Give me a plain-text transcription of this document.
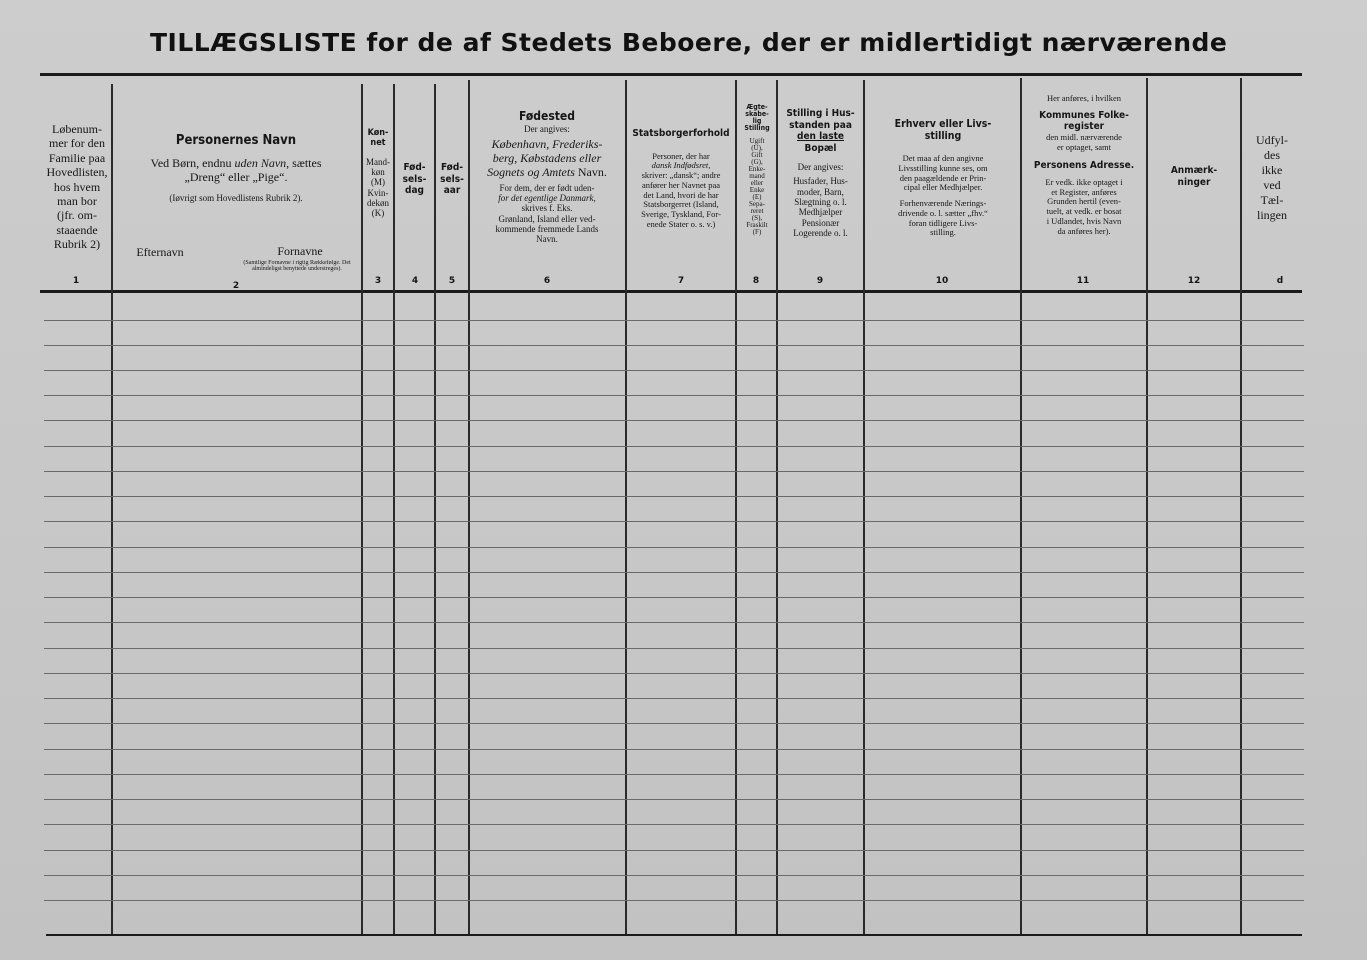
TILLÆGSLISTE for de af Stedets Beboere, der er midlertidigt nærværende
Løbenum-
mer for den
Familie paa
Hovedlisten,
hos hvem
man bor
(jfr. om-
staaende
Rubrik 2)
1
Personernes Navn
Ved Børn, endnu uden Navn, sættes
„Dreng“ eller „Pige“.
(Iøvrigt som Hovedlistens Rubrik 2).
Efternavn	Fornavne
(Samtlige Fornavne i rigtig Rækkefølge. Det almindeligst benyttede understreges).
2
Køn-
net
Mand-
køn
(M)
Kvin-
dekøn
(K)
3
Fød-
sels-
dag
4
Fød-
sels-
aar
5
Fødested
Der angives:
København, Frederiks-
berg, Købstadens eller
Sognets og Amtets Navn.
For dem, der er født uden-
for det egentlige Danmark,
skrives f. Eks.
Grønland, Island eller ved-
kommende fremmede Lands
Navn.
6
Statsborgerforhold
Personer, der har
dansk Indfødsret,
skriver: „dansk“; andre
anfører her Navnet paa
det Land, hvori de har
Statsborgerret (Island,
Sverige, Tyskland, For-
enede Stater o. s. v.)
7
Ægte-
skabe-
lig
Stilling
Ugift
(U),
Gift
(G),
Enke-
mand
eller
Enke
(E)
Sepa-
reret
(S),
Fraskilt
(F)
8
Stilling i Hus-
standen paa
den laste
Bopæl
Der angives:
Husfader, Hus-
moder, Barn,
Slægtning o. l.
Medhjælper
Pensionær
Logerende o. l.
9
Erhverv eller Livs-
stilling
Det maa af den angivne
Livsstilling kunne ses, om
den paagældende er Prin-
cipal eller Medhjælper.
Forhenværende Nærings-
drivende o. l. sætter „fhv.“
foran tidligere Livs-
stilling.
10
Her anføres, i hvilken
Kommunes Folke-
register
den midl. nærværende
er optaget, samt
Personens Adresse.
Er vedk. ikke optaget i
et Register, anføres
Grunden hertil (even-
tuelt, at vedk. er bosat
i Udlandet, hvis Navn
da anføres her).
11
Anmærk-
ninger
12
Udfyl-
des
ikke
ved
Tæl-
lingen
d
